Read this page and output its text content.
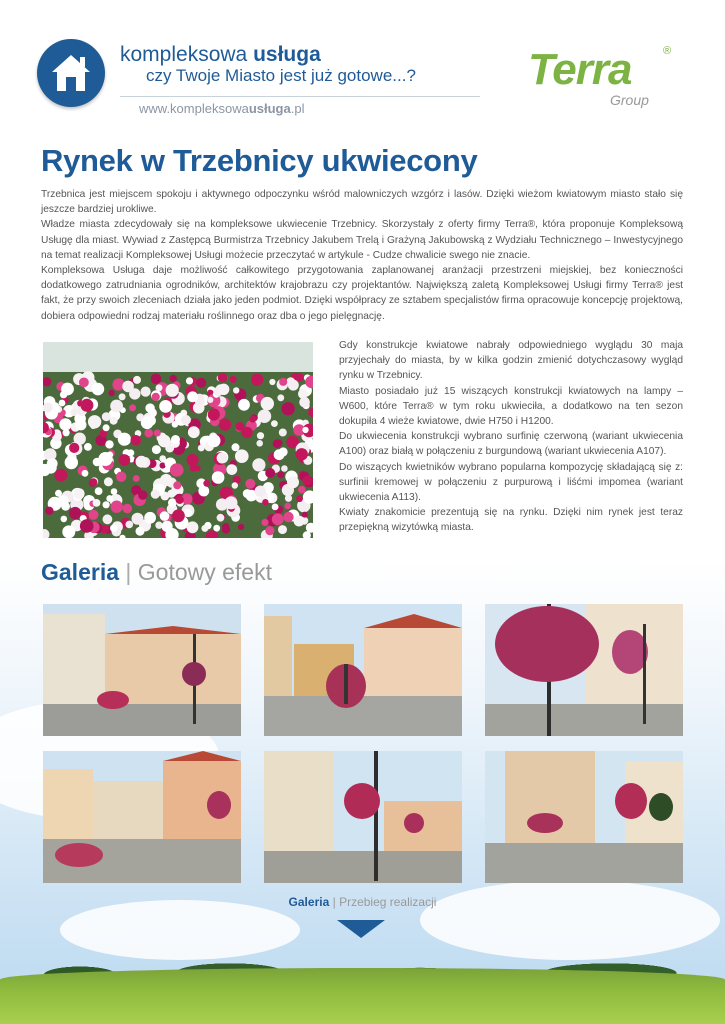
kompleksowa usługa
czy Twoje Miasto jest już gotowe...?
www.kompleksowausługa.pl
Terra	®
Group
Rynek w Trzebnicy ukwiecony

Trzebnica jest miejscem spokoju i aktywnego odpoczynku wśród malowniczych wzgórz i lasów. Dzięki wieżom kwiatowym miasto stało się jeszcze bardziej urokliwe.

Władze miasta zdecydowały się na kompleksowe ukwiecenie Trzebnicy. Skorzystały z oferty firmy Terra®, która proponuje Kompleksową Usługę dla miast. Wywiad z Zastępcą Burmistrza Trzebnicy Jakubem Trelą i Grażyną Jakubowską z Wydziału Technicznego – Inwestycyjnego na temat realizacji Kompleksowej Usługi możecie przeczytać w artykule - Cudze chwalicie swego nie znacie.

Kompleksowa Usługa daje możliwość całkowitego przygotowania zaplanowanej aranżacji przestrzeni miejskiej, bez konieczności dodatkowego zatrudniania ogrodników, architektów krajobrazu czy projektantów. Największą zaletą Kompleksowej Usługi firmy Terra® jest fakt, że przy swoich zleceniach działa jako jeden podmiot. Dzięki współpracy ze sztabem specjalistów firma opracowuje koncepcję projektową, dobiera odpowiedni rodzaj materiału roślinnego oraz dba o jego pielęgnację.

Gdy konstrukcje kwiatowe nabrały odpowiedniego wyglądu 30 maja przyjechały do miasta, by w kilka godzin zmienić dotychczasowy wygląd rynku w Trzebnicy.

Miasto posiadało już 15 wiszących konstrukcji kwiatowych na lampy – W600, które Terra® w tym roku ukwieciła, a dodatkowo na ten sezon dokupiła 4 wieże kwiatowe, dwie H750 i H1200.

Do ukwiecenia konstrukcji wybrano surfinię czerwoną (wariant ukwiecenia A100) oraz białą w połączeniu z burgundową (wariant ukwiecenia A107).

Do wiszących kwietników wybrano popularna kompozycję składającą się z: surfinii kremowej w połączeniu z purpurową i liśćmi impomea (wariant ukwiecenia A113).

Kwiaty znakomicie prezentują się na rynku. Dzięki nim rynek jest teraz przepiękną wizytówką miasta.

Galeria | Gotowy efekt
Galeria | Przebieg realizacji
